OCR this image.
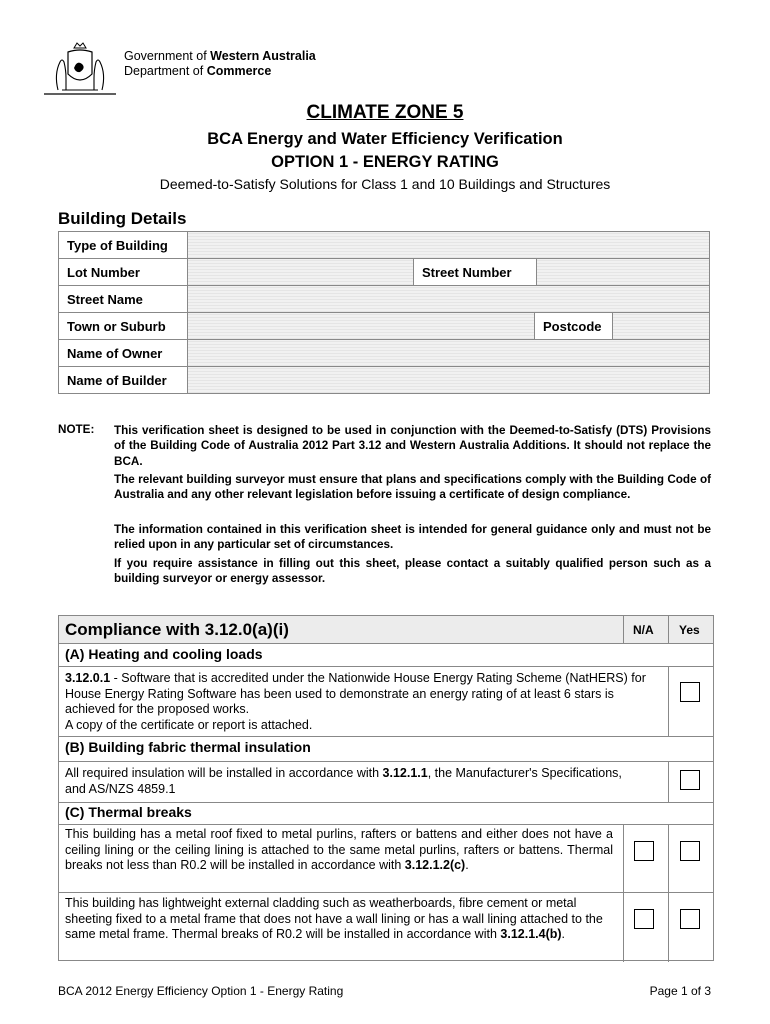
Government of Western Australia
Department of Commerce
CLIMATE ZONE 5
BCA Energy and Water Efficiency Verification
OPTION 1 - ENERGY RATING
Deemed-to-Satisfy Solutions for Class 1 and 10 Buildings and Structures
Building Details
Type of Building
Lot Number	Street Number
Street Name
Town or Suburb	Postcode
Name of Owner
Name of Builder
NOTE: This verification sheet is designed to be used in conjunction with the Deemed-to-Satisfy (DTS) Provisions of the Building Code of Australia 2012 Part 3.12 and Western Australia Additions. It should not replace the BCA.
The relevant building surveyor must ensure that plans and specifications comply with the Building Code of Australia and any other relevant legislation before issuing a certificate of design compliance.
The information contained in this verification sheet is intended for general guidance only and must not be relied upon in any particular set of circumstances.
If you require assistance in filling out this sheet, please contact a suitably qualified person such as a building surveyor or energy assessor.
Compliance with 3.12.0(a)(i)	N/A Yes
(A) Heating and cooling loads
3.12.0.1 - Software that is accredited under the Nationwide House Energy Rating Scheme (NatHERS) for House Energy Rating Software has been used to demonstrate an energy rating of at least 6 stars is achieved for the proposed works.
A copy of the certificate or report is attached.
(B) Building fabric thermal insulation
All required insulation will be installed in accordance with 3.12.1.1, the Manufacturer's Specifications, and AS/NZS 4859.1
(C) Thermal breaks
This building has a metal roof fixed to metal purlins, rafters or battens and either does not have a ceiling lining or the ceiling lining is attached to the same metal purlins, rafters or battens. Thermal breaks not less than R0.2 will be installed in accordance with 3.12.1.2(c).
This building has lightweight external cladding such as weatherboards, fibre cement or metal sheeting fixed to a metal frame that does not have a wall lining or has a wall lining attached to the same metal frame. Thermal breaks of R0.2 will be installed in accordance with 3.12.1.4(b).
BCA 2012 Energy Efficiency Option 1 - Energy Rating	Page 1 of 3
